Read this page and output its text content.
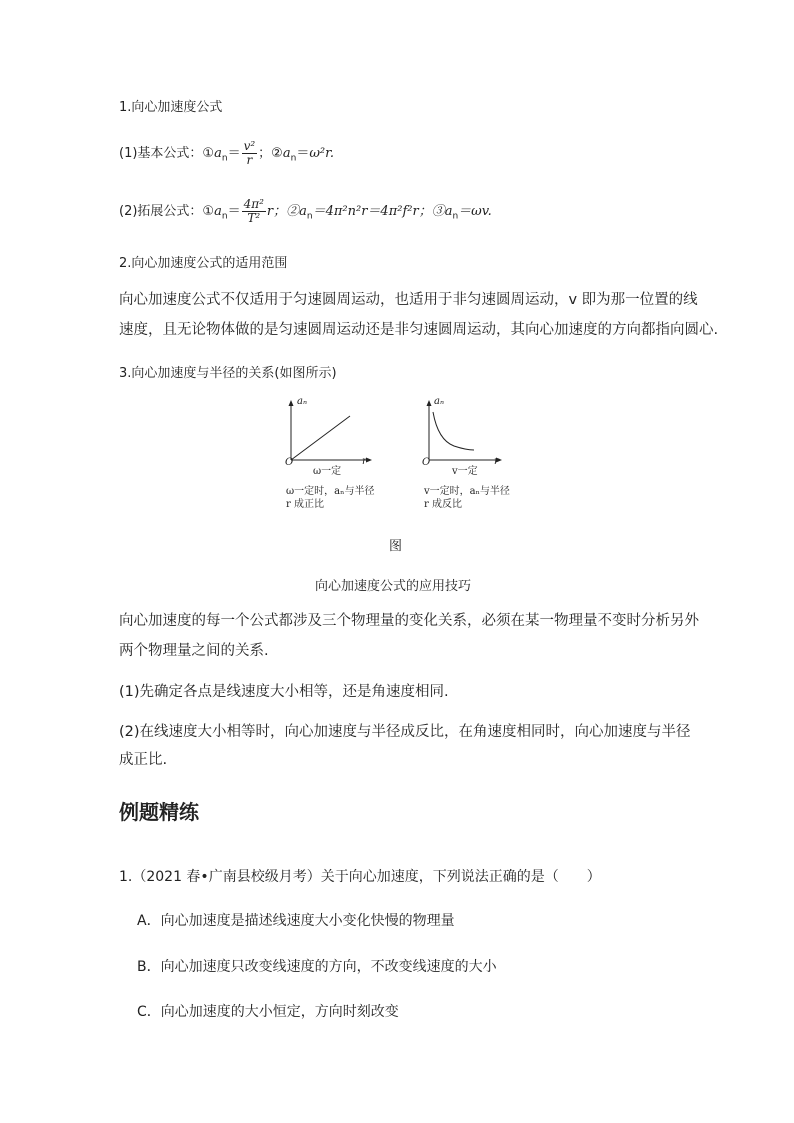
1.向心加速度公式
(1)基本公式：$①a_n= \frac{\text{v²}}{r}$ ；$②a_n=\omega^2r$.
(2)拓展公式：$①a_n= \frac{\text{4π²}}{\text{T²}}$ r；$②a_n=4\pi^2n^2r=4\pi^2f^2r$；$③a_n=\omega v$.
2.向心加速度公式的适用范围
向心加速度公式不仅适用于匀速圆周运动，也适用于非匀速圆周运动，v 即为那一位置的线
速度，且无论物体做的是匀速圆周运动还是非匀速圆周运动，其向心加速度的方向都指向圆心.
3.向心加速度与半径的关系(如图所示)
aₙ
O	r
ω一定
ω一定时，aₙ与半径
r 成正比
aₙ
O	r
v一定
v一定时，aₙ与半径
r 成反比
图
向心加速度公式的应用技巧
向心加速度的每一个公式都涉及三个物理量的变化关系，必须在某一物理量不变时分析另外
两个物理量之间的关系.
(1)先确定各点是线速度大小相等，还是角速度相同.
(2)在线速度大小相等时，向心加速度与半径成反比，在角速度相同时，向心加速度与半径
成正比.
例题精练
1.（2021 春•广南县校级月考）关于向心加速度，下列说法正确的是（　　）
A．向心加速度是描述线速度大小变化快慢的物理量
B．向心加速度只改变线速度的方向，不改变线速度的大小
C．向心加速度的大小恒定，方向时刻改变
